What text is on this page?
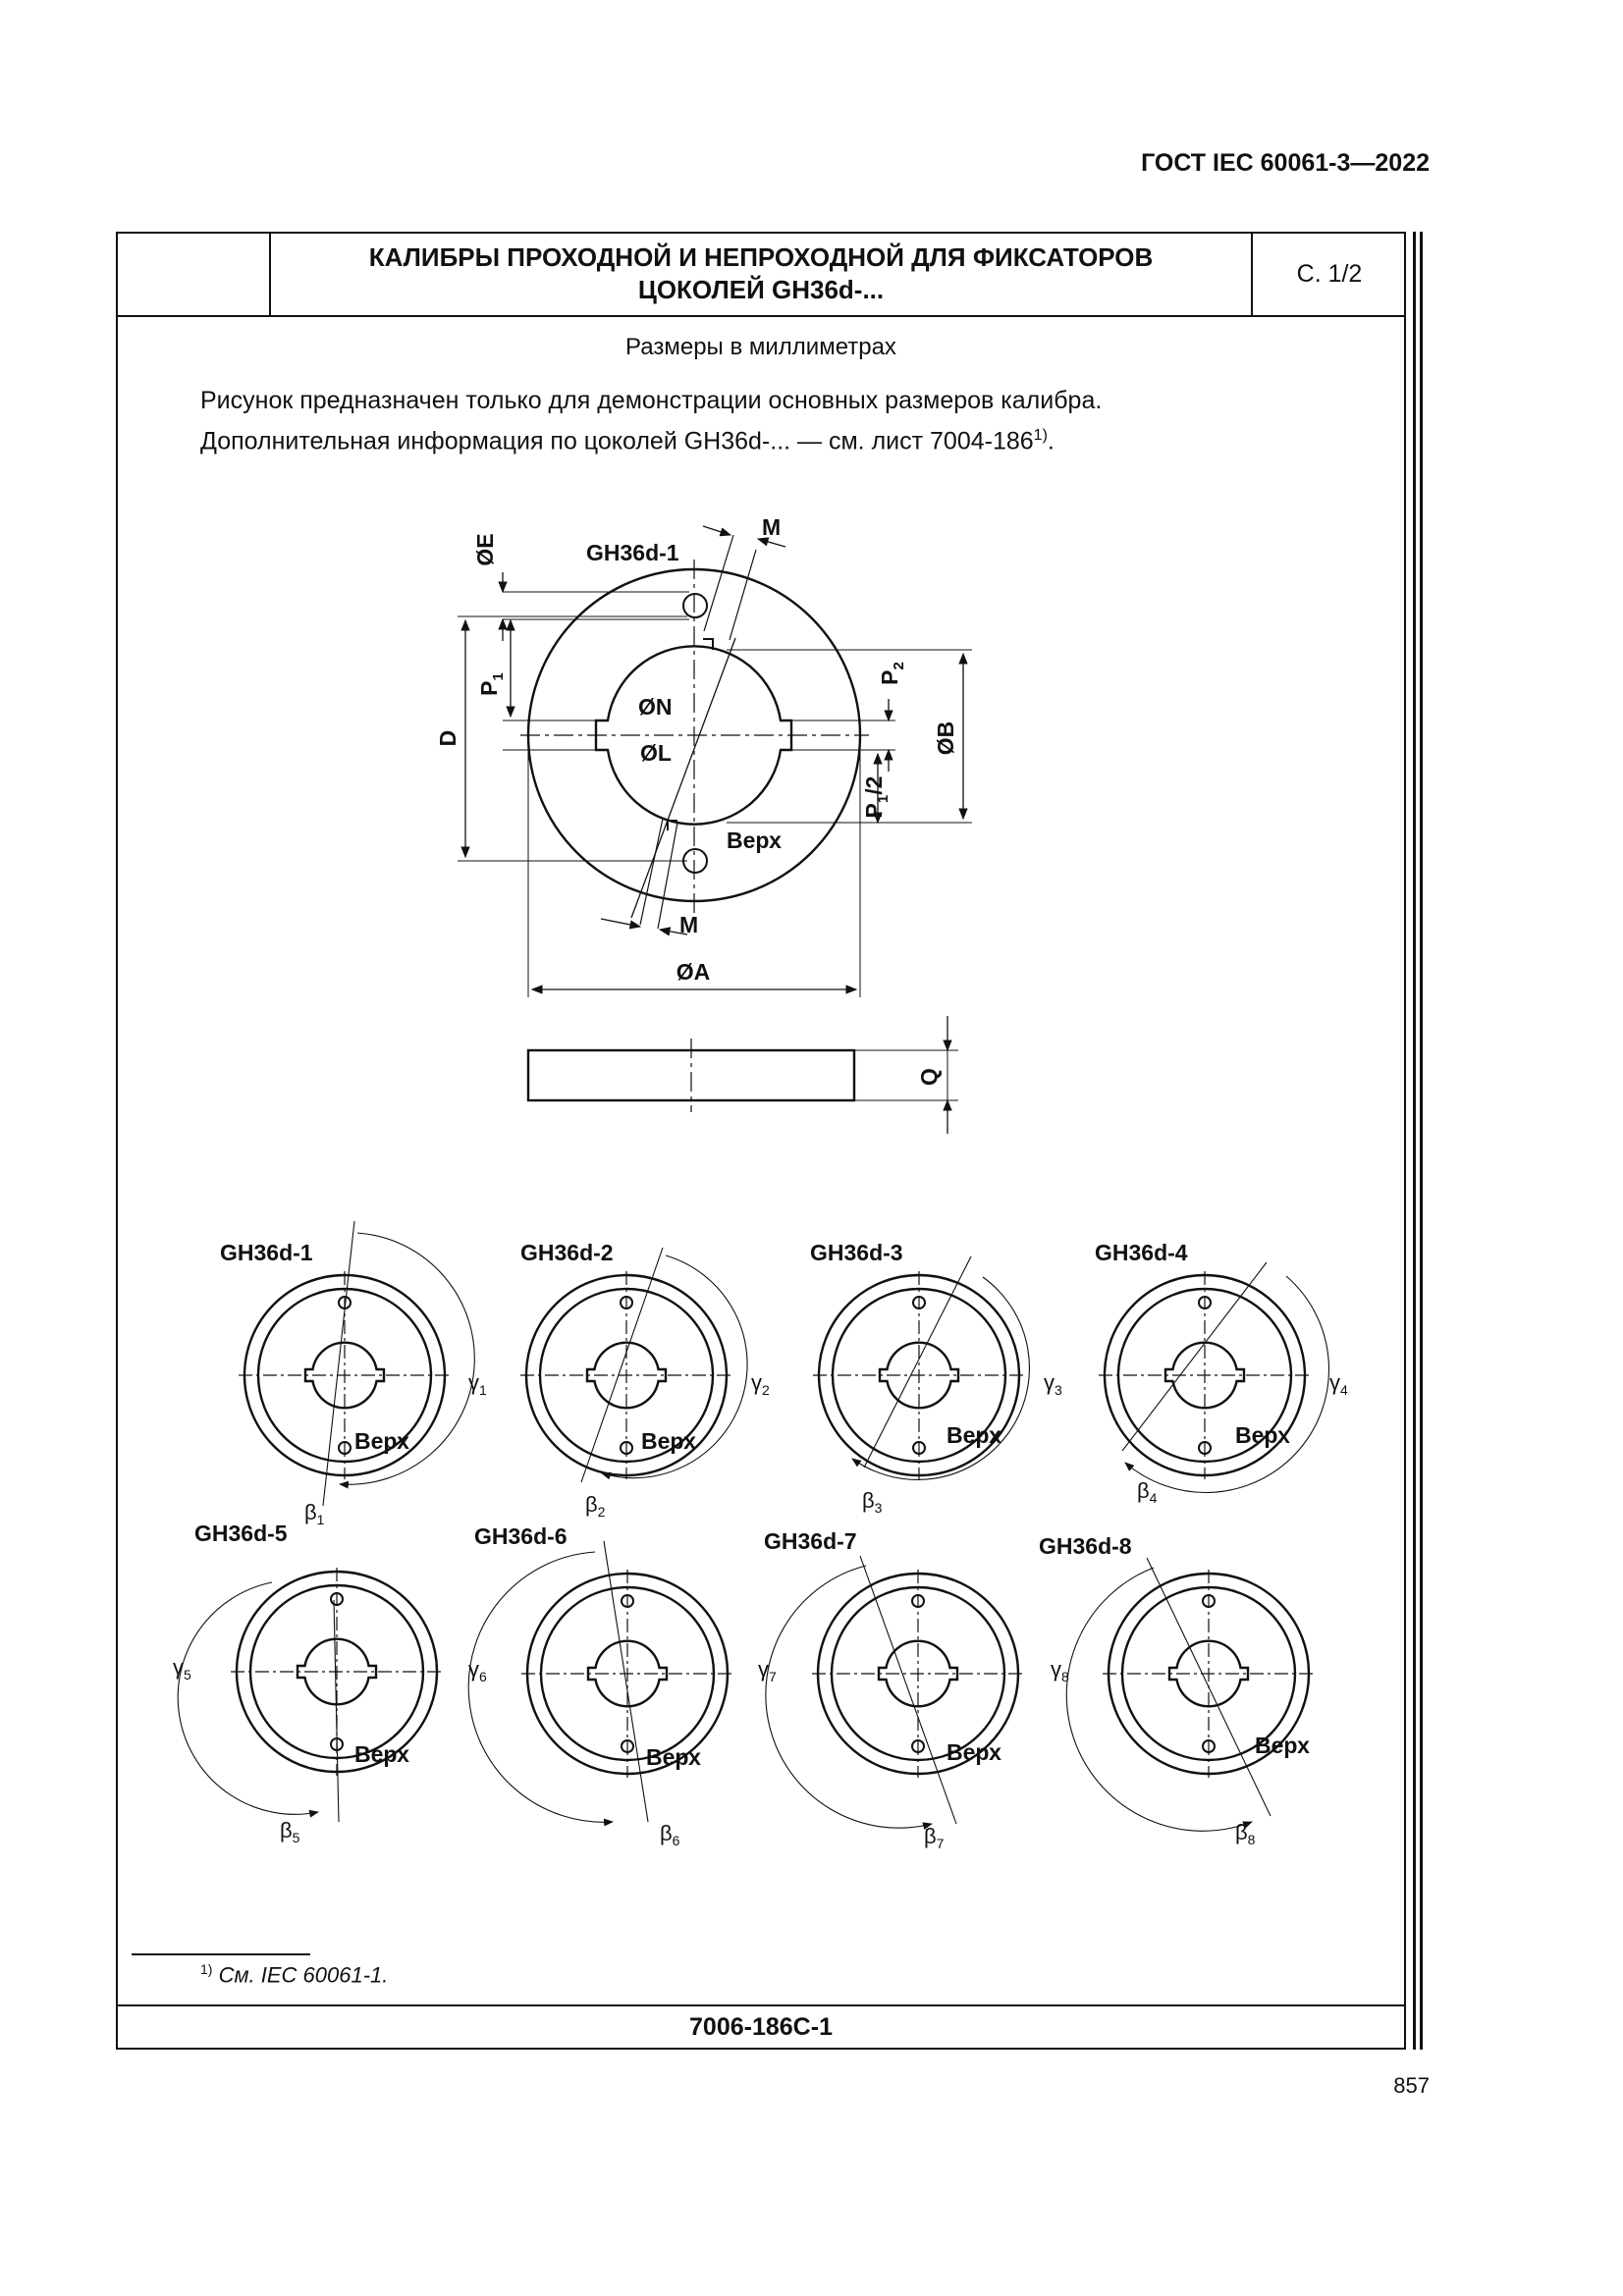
ГОСТ IEC 60061-3—2022
КАЛИБРЫ ПРОХОДНОЙ И НЕПРОХОДНОЙ ДЛЯ ФИКСАТОРОВ ЦОКОЛЕЙ GH36d-...
С. 1/2
Размеры в миллиметрах
Рисунок предназначен только для демонстрации основных размеров калибра.
Дополнительная информация по цоколей GH36d-... — см. лист 7004-186$^{1)}$.
GH36d-1
M
M
ØE
D
$P_1$	$P_2$
$P_1/2$
ØB
ØN
ØL
Верх
ØA
Q
GH36d-1
$\gamma_1$
$\beta_1$
Верх
GH36d-2
$\gamma_2$
$\beta_2$
Верх
GH36d-3
$\gamma_3$
$\beta_3$
Верх
GH36d-4
$\gamma_4$
$\beta_4$
Верх
GH36d-5
$\gamma_5$
$\beta_5$
Верх
GH36d-6
$\gamma_6$
$\beta_6$
Верх
GH36d-7
$\gamma_7$
$\beta_7$
Верх
GH36d-8
$\gamma_8$
$\beta_8$
Верх
$^{1)}$ См. IEC 60061-1.
7006-186C-1
857
